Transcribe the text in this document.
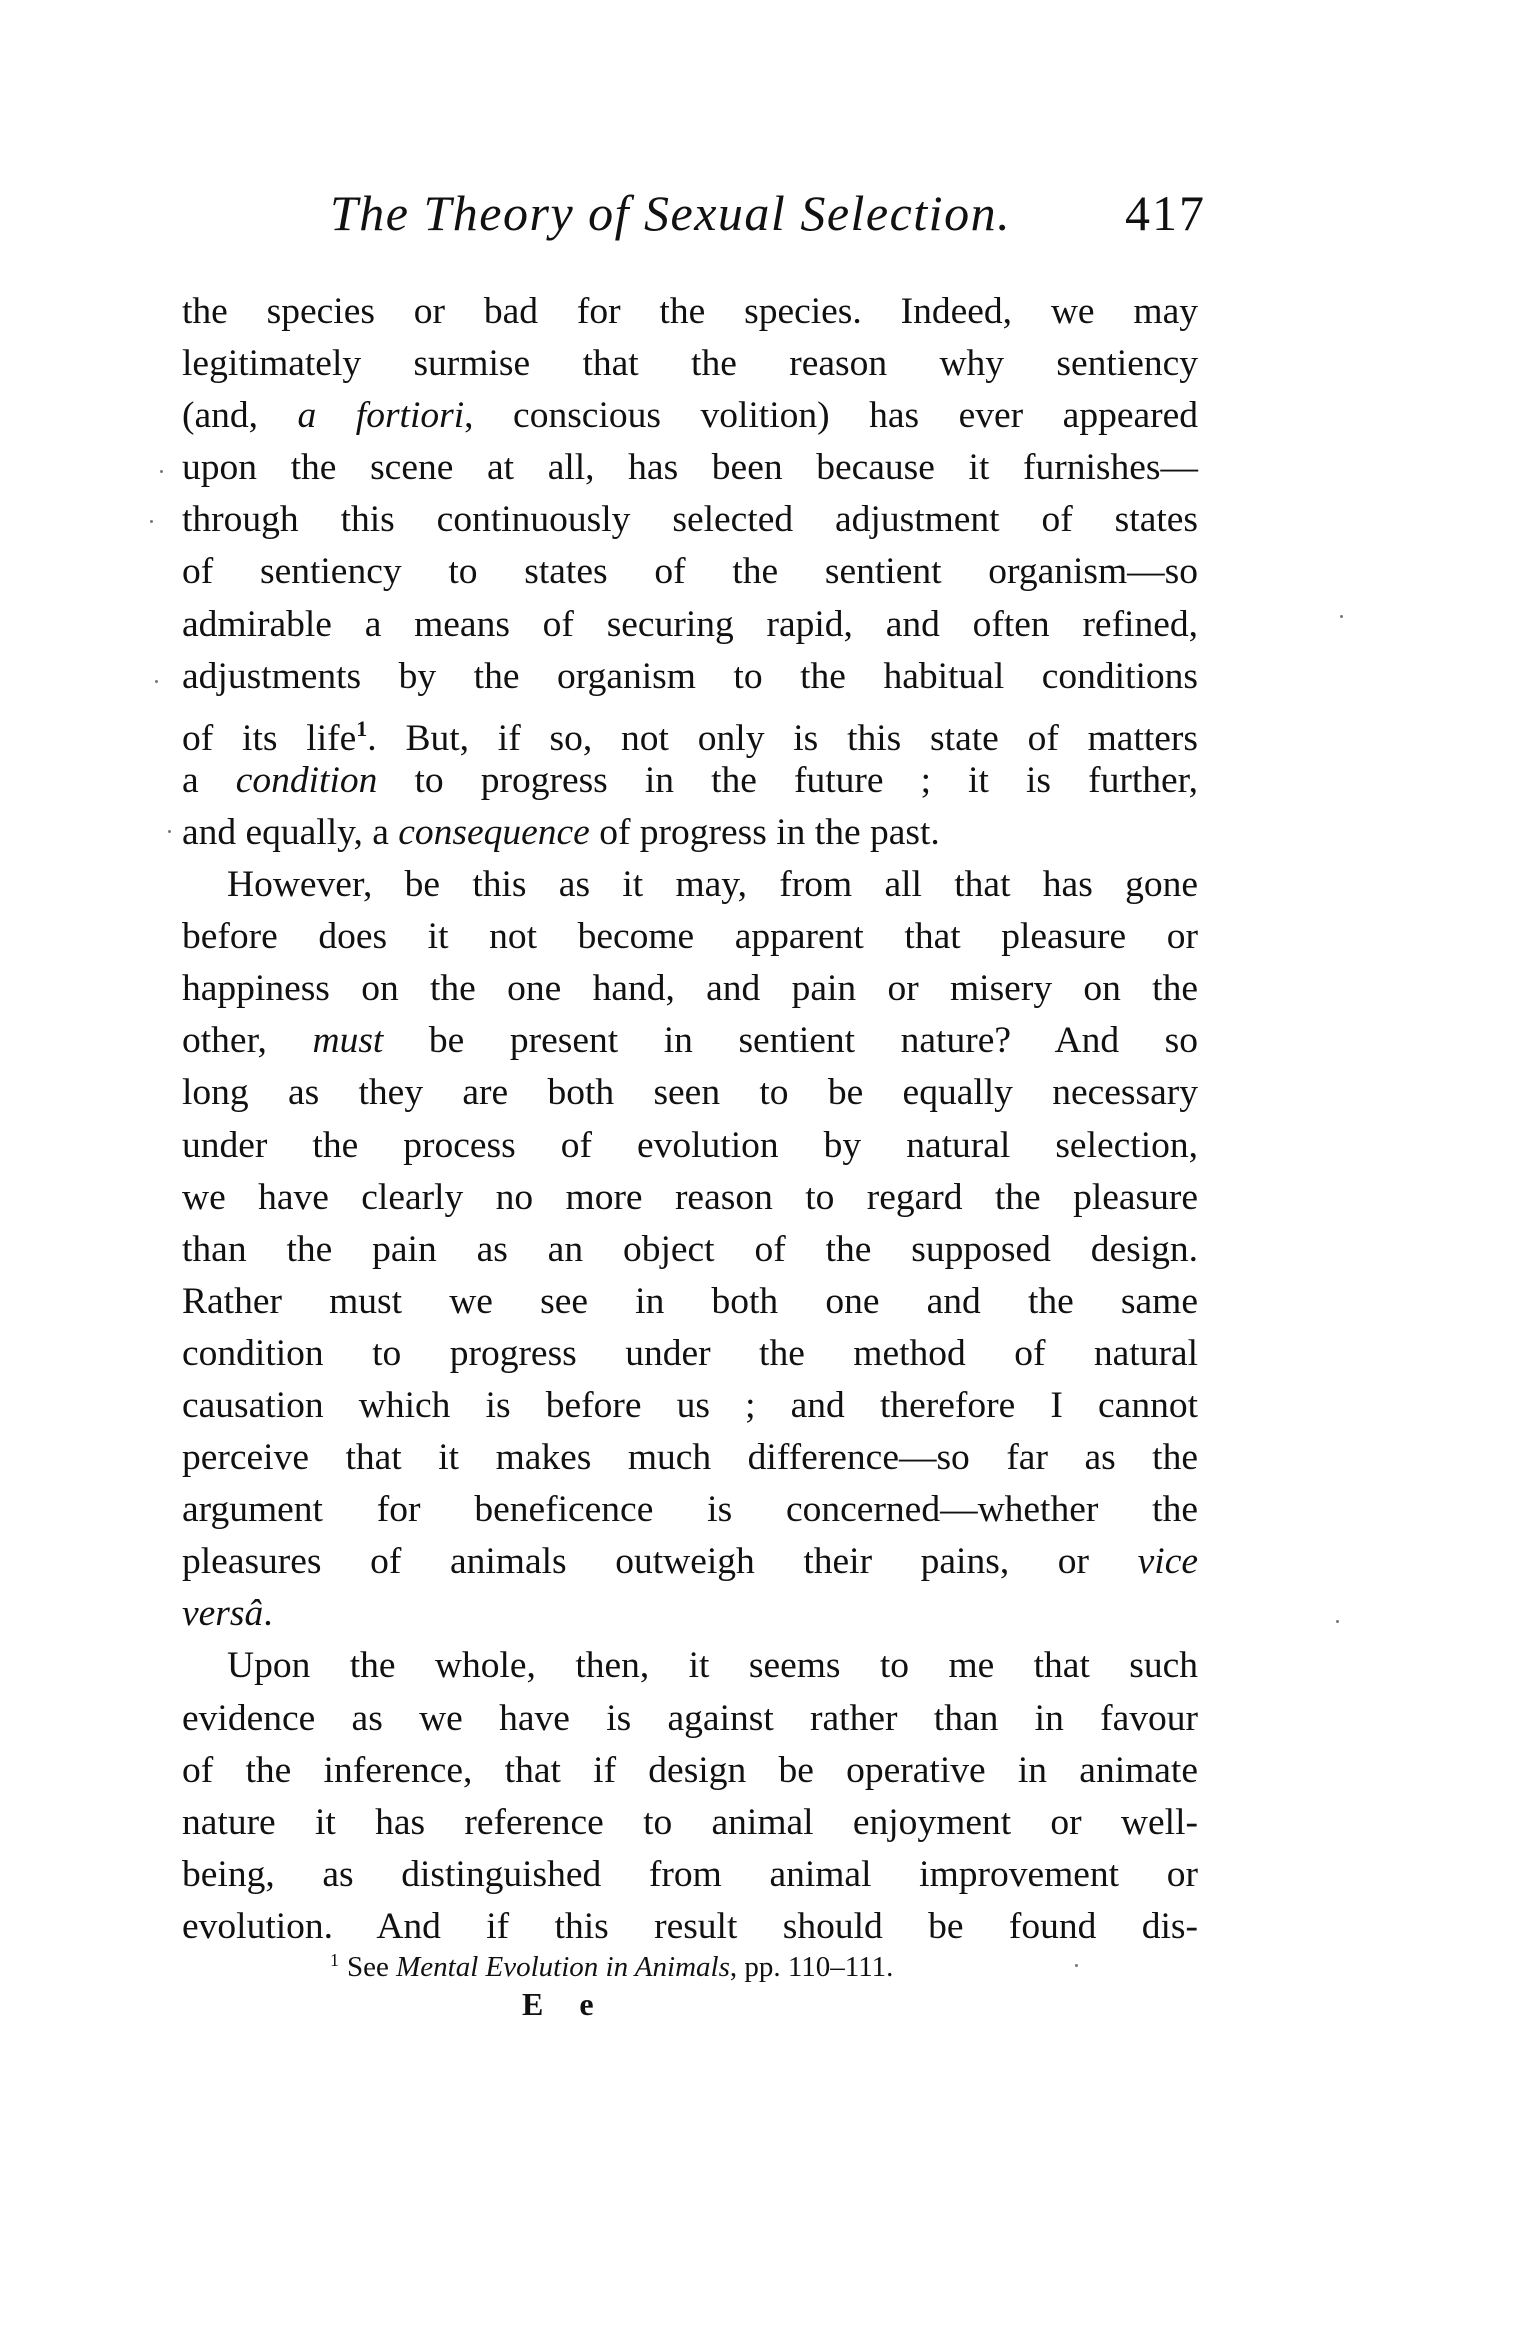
The Theory of Sexual Selection. 417
the species or bad for the species. Indeed, we may
legitimately surmise that the reason why sentiency
(and, a fortiori, conscious volition) has ever appeared
upon the scene at all, has been because it furnishes—
through this continuously selected adjustment of states
of sentiency to states of the sentient organism—so
admirable a means of securing rapid, and often refined,
adjustments by the organism to the habitual conditions
of its life$^1$. But, if so, not only is this state of matters
a condition to progress in the future ; it is further,
and equally, a consequence of progress in the past.
However, be this as it may, from all that has gone
before does it not become apparent that pleasure or
happiness on the one hand, and pain or misery on the
other, must be present in sentient nature? And so
long as they are both seen to be equally necessary
under the process of evolution by natural selection,
we have clearly no more reason to regard the pleasure
than the pain as an object of the supposed design.
Rather must we see in both one and the same
condition to progress under the method of natural
causation which is before us ; and therefore I cannot
perceive that it makes much difference—so far as the
argument for beneficence is concerned—whether the
pleasures of animals outweigh their pains, or vice
versâ.
Upon the whole, then, it seems to me that such
evidence as we have is against rather than in favour
of the inference, that if design be operative in animate
nature it has reference to animal enjoyment or well-
being, as distinguished from animal improvement or
evolution. And if this result should be found dis-
$^1$ See Mental Evolution in Animals, pp. 110–111.
E e
